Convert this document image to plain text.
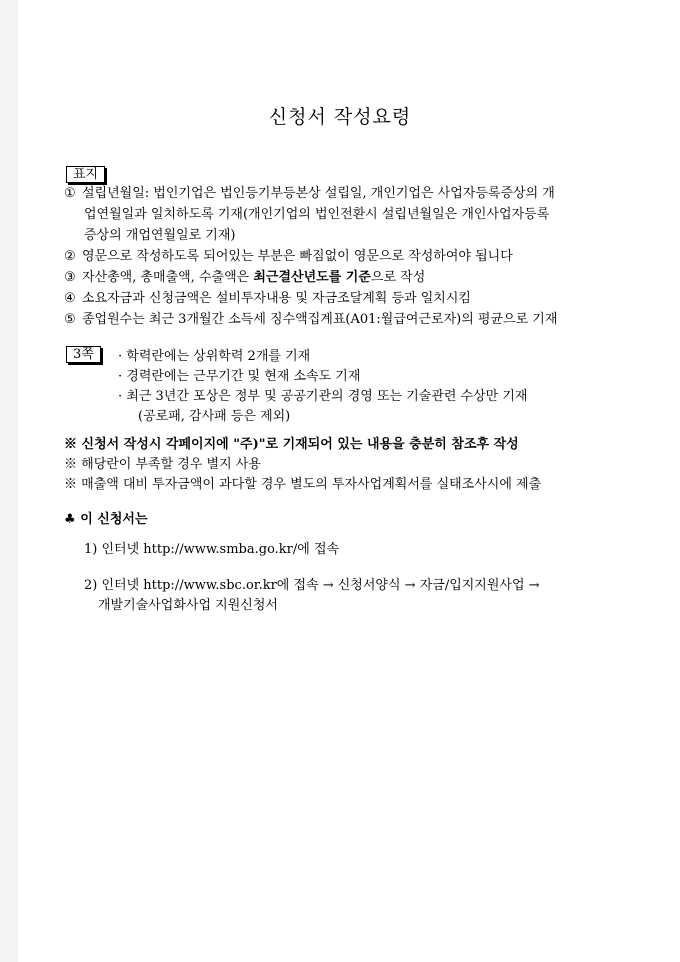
신청서 작성요령
표지
① 설립년월일: 법인기업은 법인등기부등본상 설립일, 개인기업은 사업자등록증상의 개
업연월일과 일치하도록 기재(개인기업의 법인전환시 설립년월일은 개인사업자등록
증상의 개업연월일로 기재)
② 영문으로 작성하도록 되어있는 부분은 빠짐없이 영문으로 작성하여야 됩니다
③ 자산총액, 총매출액, 수출액은 최근결산년도를 기준으로 작성
④ 소요자금과 신청금액은 설비투자내용 및 자금조달계획 등과 일치시킴
⑤ 종업원수는 최근 3개월간 소득세 징수액집계표(A01:월급여근로자)의 평균으로 기재
3쪽	· 학력란에는 상위학력 2개를 기재
· 경력란에는 근무기간 및 현재 소속도 기재
· 최근 3년간 포상은 정부 및 공공기관의 경영 또는 기술관련 수상만 기재
(공로패, 감사패 등은 제외)
※ 신청서 작성시 각페이지에 "주)"로 기재되어 있는 내용을 충분히 참조후 작성
※ 해당란이 부족할 경우 별지 사용
※ 매출액 대비 투자금액이 과다할 경우 별도의 투자사업계획서를 실태조사시에 제출
♣ 이 신청서는
1) 인터넷 http://www.smba.go.kr/에 접속
2) 인터넷 http://www.sbc.or.kr에 접속 → 신청서양식 → 자금/입지지원사업 →
개발기술사업화사업 지원신청서
